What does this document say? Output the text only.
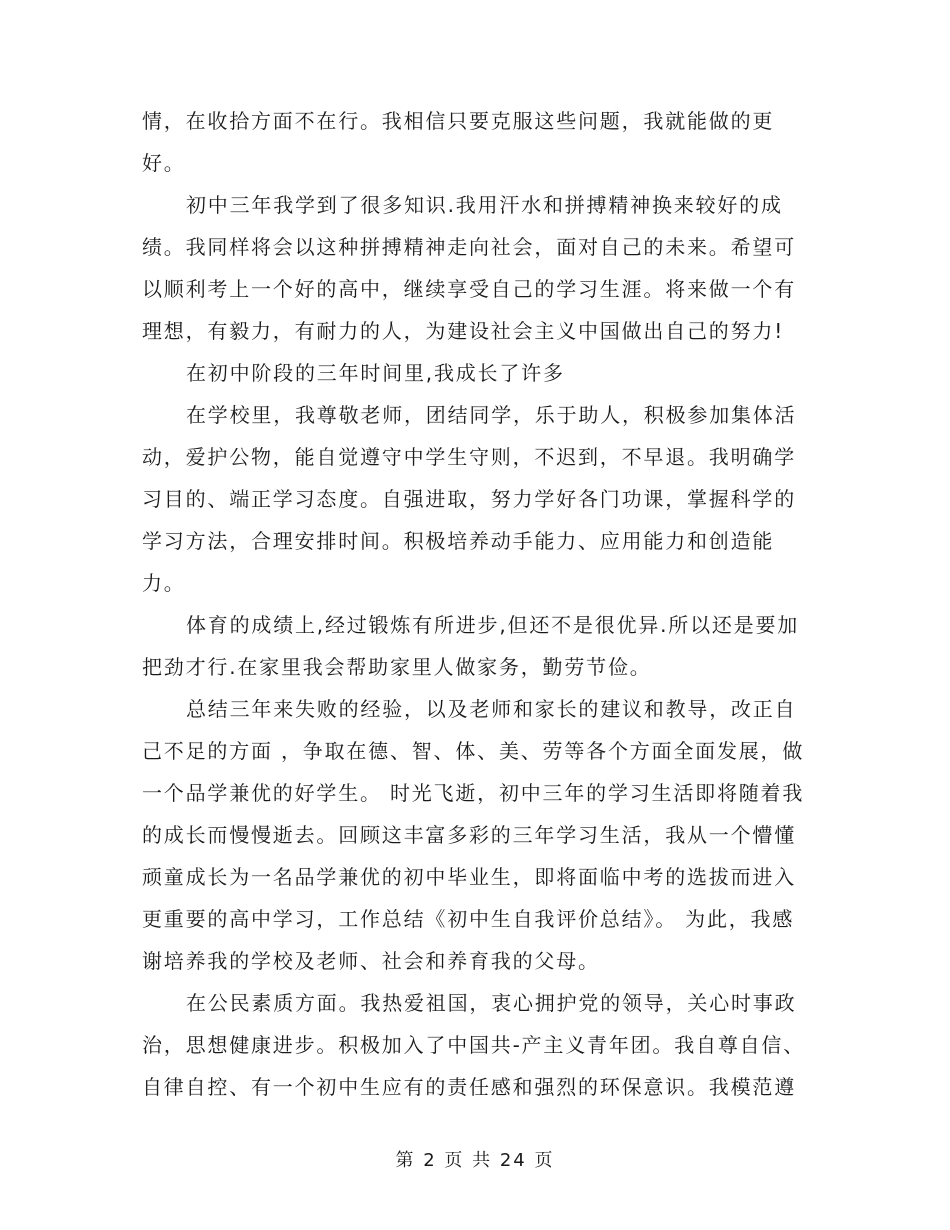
情，在收拾方面不在行。我相信只要克服这些问题，我就能做的更
好。
初中三年我学到了很多知识.我用汗水和拼搏精神换来较好的成
绩。我同样将会以这种拼搏精神走向社会，面对自己的未来。希望可
以顺利考上一个好的高中，继续享受自己的学习生涯。将来做一个有
理想，有毅力，有耐力的人，为建设社会主义中国做出自己的努力!
在初中阶段的三年时间里,我成长了许多
在学校里，我尊敬老师，团结同学，乐于助人，积极参加集体活
动，爱护公物，能自觉遵守中学生守则，不迟到，不早退。我明确学
习目的、端正学习态度。自强进取，努力学好各门功课，掌握科学的
学习方法，合理安排时间。积极培养动手能力、应用能力和创造能
力。
体育的成绩上,经过锻炼有所进步,但还不是很优异.所以还是要加
把劲才行.在家里我会帮助家里人做家务，勤劳节俭。
总结三年来失败的经验，以及老师和家长的建议和教导，改正自
己不足的方面 ，争取在德、智、体、美、劳等各个方面全面发展，做
一个品学兼优的好学生。 时光飞逝，初中三年的学习生活即将随着我
的成长而慢慢逝去。回顾这丰富多彩的三年学习生活，我从一个懵懂
顽童成长为一名品学兼优的初中毕业生，即将面临中考的选拔而进入
更重要的高中学习，工作总结《初中生自我评价总结》。 为此，我感
谢培养我的学校及老师、社会和养育我的父母。
在公民素质方面。我热爱祖国，衷心拥护党的领导，关心时事政
治，思想健康进步。积极加入了中国共-产主义青年团。我自尊自信、
自律自控、有一个初中生应有的责任感和强烈的环保意识。我模范遵
第 2 页 共 24 页
